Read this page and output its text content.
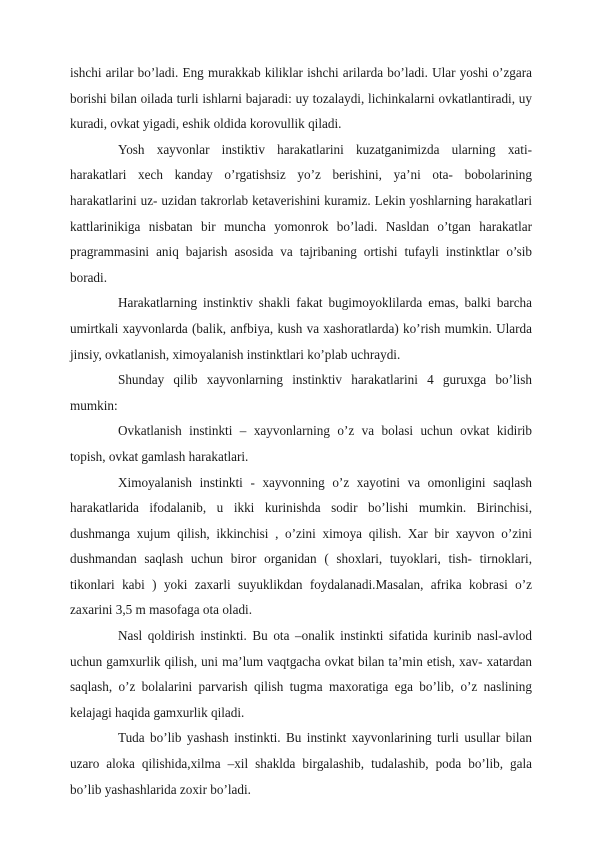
ishchi arilar bo’ladi. Eng murakkab kiliklar ishchi arilarda bo’ladi. Ular yoshi o’zgara borishi bilan oilada turli ishlarni bajaradi: uy tozalaydi, lichinkalarni ovkatlantiradi, uy kuradi, ovkat yigadi, eshik oldida korovullik qiladi.

Yosh xayvonlar instiktiv harakatlarini kuzatganimizda ularning xati-harakatlari xech kanday o’rgatishsiz yo’z berishini, ya’ni ota- bobolarining harakatlarini uz- uzidan takrorlab ketaverishini kuramiz. Lekin yoshlarning harakatlari kattlarinikiga nisbatan bir muncha yomonrok bo’ladi. Nasldan o’tgan harakatlar pragrammasini aniq bajarish asosida va tajribaning ortishi tufayli instinktlar o’sib boradi.

Harakatlarning instinktiv shakli fakat bugimoyoklilarda emas, balki barcha umirtkali xayvonlarda (balik, anfbiya, kush va xashoratlarda) ko’rish mumkin. Ularda jinsiy, ovkatlanish, ximoyalanish instinktlari ko’plab uchraydi.

Shunday qilib xayvonlarning instinktiv harakatlarini 4 guruxga bo’lish mumkin:

Ovkatlanish instinkti – xayvonlarning o’z va bolasi uchun ovkat kidirib topish, ovkat gamlash harakatlari.

Ximoyalanish instinkti - xayvonning o’z xayotini va omonligini saqlash harakatlarida ifodalanib, u ikki kurinishda sodir bo’lishi mumkin. Birinchisi, dushmanga xujum qilish, ikkinchisi , o’zini ximoya qilish. Xar bir xayvon o’zini dushmandan saqlash uchun biror organidan ( shoxlari, tuyoklari, tish- tirnoklari, tikonlari kabi ) yoki zaxarli suyuklikdan foydalanadi.Masalan, afrika kobrasi o’z zaxarini 3,5 m masofaga ota oladi.

Nasl qoldirish instinkti. Bu ota –onalik instinkti sifatida kurinib nasl-avlod uchun gamxurlik qilish, uni ma’lum vaqtgacha ovkat bilan ta’min etish, xav- xatardan saqlash, o’z bolalarini parvarish qilish tugma maxoratiga ega bo’lib, o’z naslining kelajagi haqida gamxurlik qiladi.

Tuda bo’lib yashash instinkti. Bu instinkt xayvonlarining turli usullar bilan uzaro aloka qilishida,xilma –xil shaklda birgalashib, tudalashib, poda bo’lib, gala bo’lib yashashlarida zoxir bo’ladi.
